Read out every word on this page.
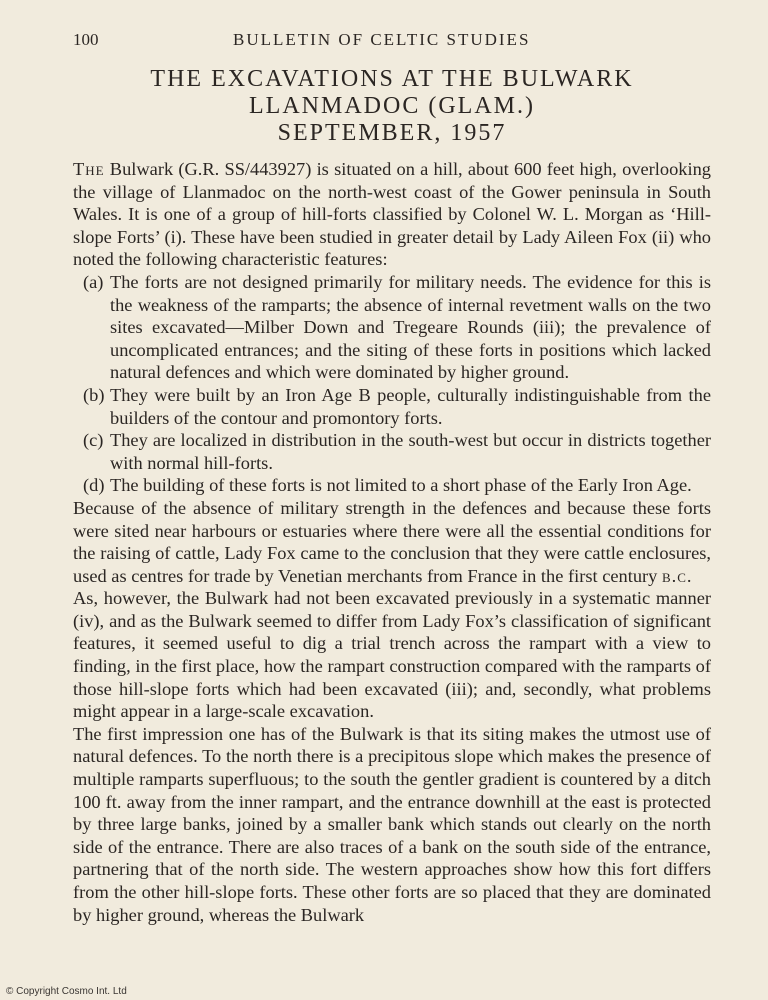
100	BULLETIN OF CELTIC STUDIES
THE EXCAVATIONS AT THE BULWARK
LLANMADOC (GLAM.)
SEPTEMBER, 1957

The Bulwark (G.R. SS/443927) is situated on a hill, about 600 feet high, overlooking the village of Llanmadoc on the north-west coast of the Gower peninsula in South Wales. It is one of a group of hill-forts classified by Colonel W. L. Morgan as ‘Hill-slope Forts’ (i). These have been studied in greater detail by Lady Aileen Fox (ii) who noted the following characteristic features:

(a) The forts are not designed primarily for military needs. The evidence for this is the weakness of the ramparts; the absence of internal revetment walls on the two sites excavated—Milber Down and Tregeare Rounds (iii); the prevalence of uncomplicated entrances; and the siting of these forts in positions which lacked natural defences and which were dominated by higher ground.
(b) They were built by an Iron Age B people, culturally indistinguishable from the builders of the contour and promontory forts.
(c) They are localized in distribution in the south-west but occur in districts together with normal hill-forts.
(d) The building of these forts is not limited to a short phase of the Early Iron Age.

Because of the absence of military strength in the defences and because these forts were sited near harbours or estuaries where there were all the essential conditions for the raising of cattle, Lady Fox came to the conclusion that they were cattle enclosures, used as centres for trade by Venetian merchants from France in the first century b.c.

As, however, the Bulwark had not been excavated previously in a systematic manner (iv), and as the Bulwark seemed to differ from Lady Fox’s classification of significant features, it seemed useful to dig a trial trench across the rampart with a view to finding, in the first place, how the rampart construction compared with the ramparts of those hill-slope forts which had been excavated (iii); and, secondly, what problems might appear in a large-scale excavation.

The first impression one has of the Bulwark is that its siting makes the utmost use of natural defences. To the north there is a precipitous slope which makes the presence of multiple ramparts superfluous; to the south the gentler gradient is countered by a ditch 100 ft. away from the inner rampart, and the entrance downhill at the east is protected by three large banks, joined by a smaller bank which stands out clearly on the north side of the entrance. There are also traces of a bank on the south side of the entrance, partnering that of the north side. The western approaches show how this fort differs from the other hill-slope forts. These other forts are so placed that they are dominated by higher ground, whereas the Bulwark

© Copyright Cosmo Int. Ltd
